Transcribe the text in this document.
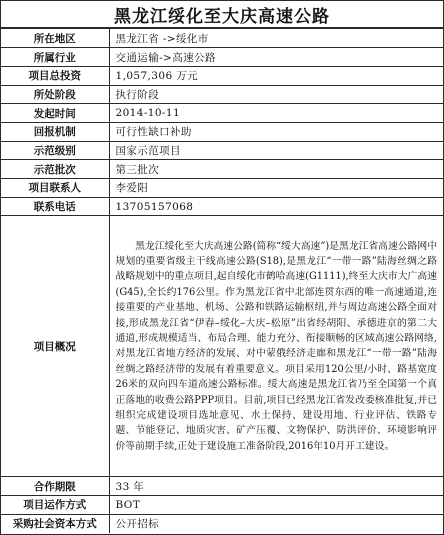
黑龙江绥化至大庆高速公路
所在地区	黑龙江省 ->绥化市
所属行业	交通运输->高速公路
项目总投资	1,057,306 万元
所处阶段	执行阶段
发起时间	2014-10-11
回报机制	可行性缺口补助
示范级别	国家示范项目
示范批次	第三批次
项目联系人	李爱阳
联系电话	13705157068
项目概况	黑龙江绥化至大庆高速公路(简称“绥大高速”)是黑龙江省高速公路网中规划的重要省级主干线高速公路(S18),是黑龙江“一带一路”陆海丝绸之路战略规划中的重点项目,起自绥化市鹤哈高速(G1111),终至大庆市大广高速(G45),全长约176公里。作为黑龙江省中北部连贯东西的唯一高速通道,连接重要的产业基地、机场、公路和铁路运输枢纽,并与周边高速公路全面对接,形成黑龙江省“伊春–绥化–大庆–松原”出省经胡阳、承德进京的第二大通道,形成规模适当、布局合理、能力充分、衔接顺畅的区域高速公路网络,对黑龙江省地方经济的发展、对中蒙俄经济走廊和黑龙江“一带一路”陆海丝绸之路经济带的发展有着重要意义。项目采用120公里/小时、路基宽度26米的双向四车道高速公路标准。绥大高速是黑龙江省乃至全国第一个真正落地的收费公路PPP项目。目前,项目已经黑龙江省发改委核准批复,并已组织完成建设项目选址意见、水土保持、建设用地、行业评估、铁路专题、节能登记、地质灾害、矿产压覆、文物保护、防洪评价、环境影响评价等前期手续,正处于建设施工准备阶段,2016年10月开工建设。
合作期限	33 年
项目运作方式	BOT
采购社会资本方式	公开招标
